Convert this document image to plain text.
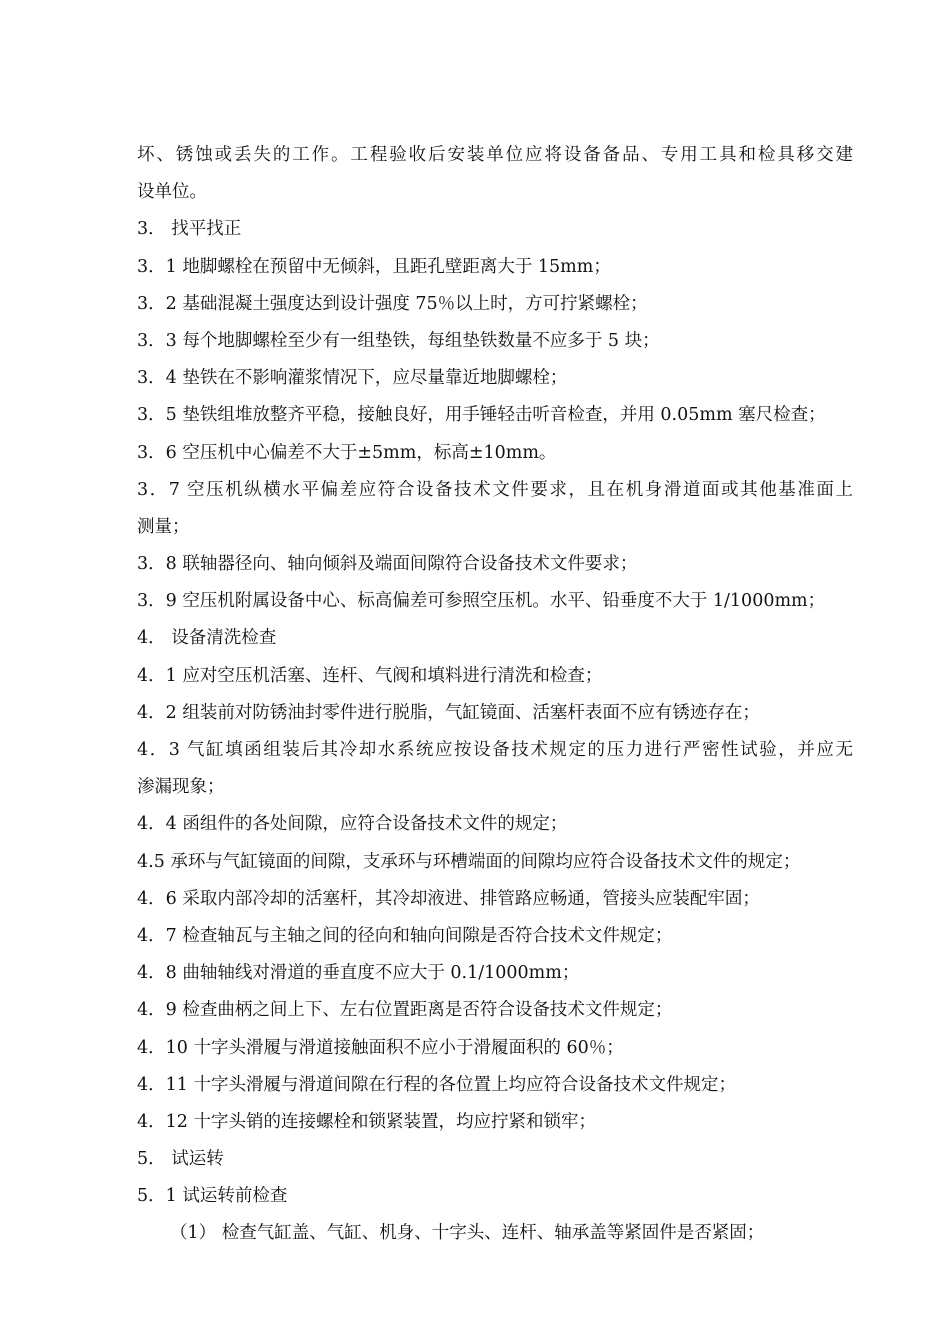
坏、锈蚀或丢失的工作。工程验收后安装单位应将设备备品、专用工具和检具移交建
设单位。
3． 找平找正
3．1 地脚螺栓在预留中无倾斜，且距孔壁距离大于 15mm；
3．2 基础混凝土强度达到设计强度 75％以上时，方可拧紧螺栓；
3．3 每个地脚螺栓至少有一组垫铁，每组垫铁数量不应多于 5 块；
3．4 垫铁在不影响灌浆情况下，应尽量靠近地脚螺栓；
3．5 垫铁组堆放整齐平稳，接触良好，用手锤轻击听音检查，并用 0.05mm 塞尺检查；
3．6 空压机中心偏差不大于±5mm，标高±10mm。
3．7 空压机纵横水平偏差应符合设备技术文件要求，且在机身滑道面或其他基准面上
测量；
3．8 联轴器径向、轴向倾斜及端面间隙符合设备技术文件要求；
3．9 空压机附属设备中心、标高偏差可参照空压机。水平、铅垂度不大于 1/1000mm；
4． 设备清洗检查
4．1 应对空压机活塞、连杆、气阀和填料进行清洗和检查；
4．2 组装前对防锈油封零件进行脱脂，气缸镜面、活塞杆表面不应有锈迹存在；
4．3 气缸填函组装后其冷却水系统应按设备技术规定的压力进行严密性试验，并应无
渗漏现象；
4．4 函组件的各处间隙，应符合设备技术文件的规定；
4.5 承环与气缸镜面的间隙，支承环与环槽端面的间隙均应符合设备技术文件的规定；
4．6 采取内部冷却的活塞杆，其冷却液进、排管路应畅通，管接头应装配牢固；
4．7 检查轴瓦与主轴之间的径向和轴向间隙是否符合技术文件规定；
4．8 曲轴轴线对滑道的垂直度不应大于 0.1/1000mm；
4．9 检查曲柄之间上下、左右位置距离是否符合设备技术文件规定；
4．10 十字头滑履与滑道接触面积不应小于滑履面积的 60％；
4．11 十字头滑履与滑道间隙在行程的各位置上均应符合设备技术文件规定；
4．12 十字头销的连接螺栓和锁紧装置，均应拧紧和锁牢；
5． 试运转
5．1 试运转前检查
（1） 检查气缸盖、气缸、机身、十字头、连杆、轴承盖等紧固件是否紧固；
